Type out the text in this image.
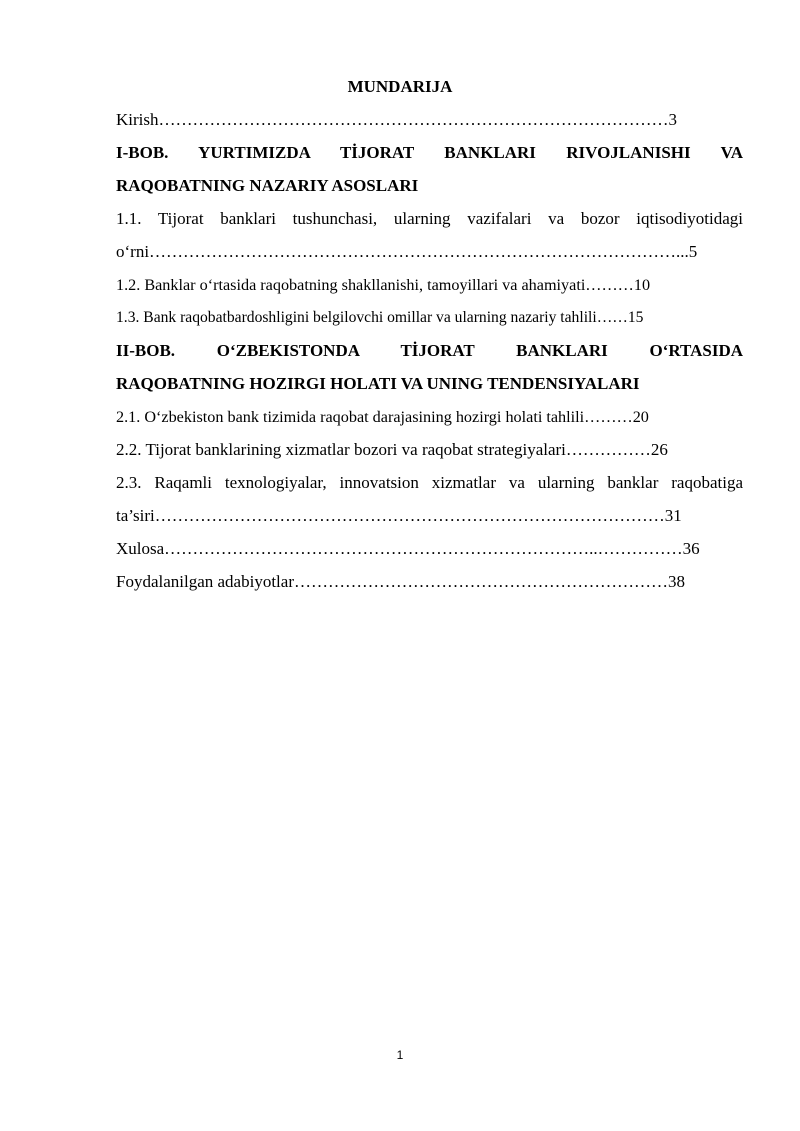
MUNDARIJA
Kirish………………………………………………………………………………3
I-BOB. YURTIMIZDA TİJORAT BANKLARI RIVOJLANISHI VA
RAQOBATNING NAZARIY ASOSLARI
1.1. Tijorat banklari tushunchasi, ularning vazifalari va bozor iqtisodiyotidagi
o‘rni…………………………………………………………………………………...5
1.2. Banklar o‘rtasida raqobatning shakllanishi, tamoyillari va ahamiyati………10
1.3. Bank raqobatbardoshligini belgilovchi omillar va ularning nazariy tahlili……15
II-BOB. O‘ZBEKISTONDA TİJORAT BANKLARI O‘RTASIDA
RAQOBATNING HOZIRGI HOLATI VA UNING TENDENSIYALARI
2.1. O‘zbekiston bank tizimida raqobat darajasining hozirgi holati tahlili………20
2.2. Tijorat banklarining xizmatlar bozori va raqobat strategiyalari……………26
2.3. Raqamli texnologiyalar, innovatsion xizmatlar va ularning banklar raqobatiga
ta’siri………………………………………………………………………………31
Xulosa…………………………………………………………………..……………36
Foydalanilgan adabiyotlar…………………………………………………………38
1
